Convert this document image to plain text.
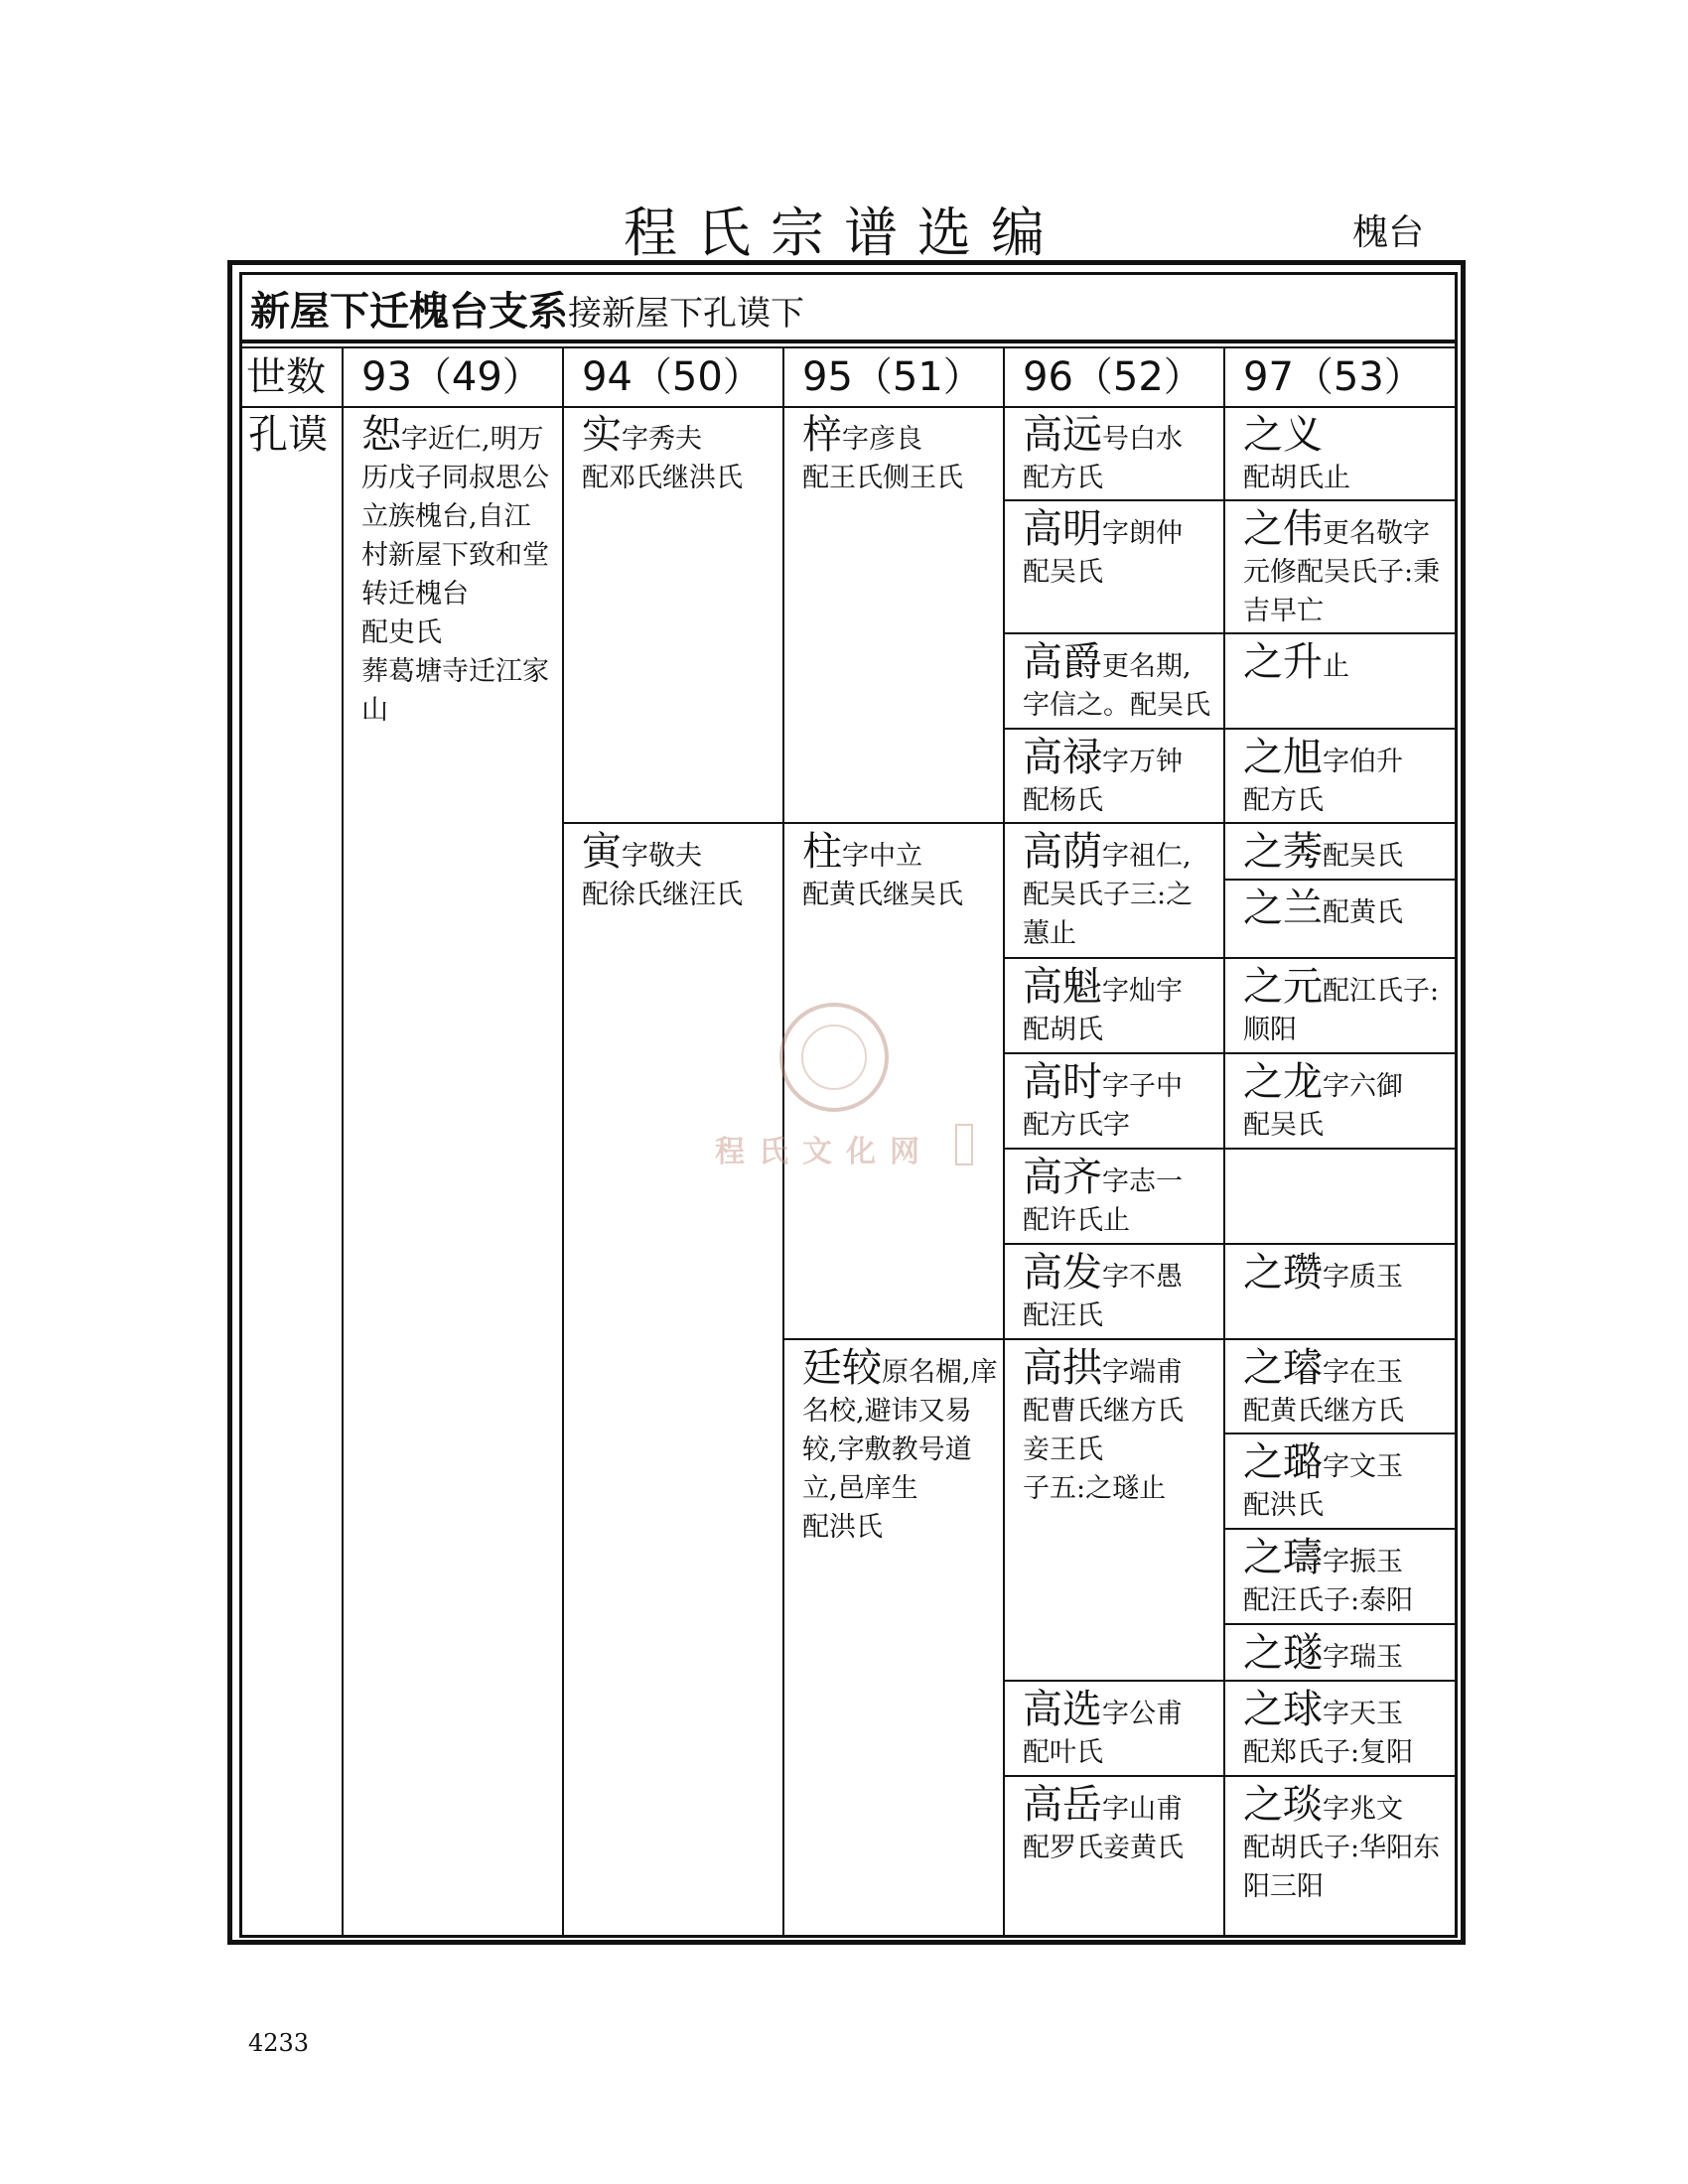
程氏宗谱选编	槐台
新屋下迁槐台支系接新屋下孔谟下
世数 93（49） 94（50） 95（51） 96（52） 97（53）
孔谟 恕字近仁,明万历戊子同叔思公立族槐台,自江村新屋下致和堂转迁槐台
配史氏
葬葛塘寺迁江家山
实字秀夫
配邓氏继洪氏
寅字敬夫
配徐氏继汪氏
梓字彦良
配王氏侧王氏
柱字中立
配黄氏继吴氏
廷较原名楣,庠名校,避讳又易较,字敷教号道立,邑庠生
配洪氏
高远号白水
配方氏
高明字朗仲
配吴氏
高爵更名期,字信之。配吴氏
高禄字万钟
配杨氏
高荫字祖仁,配吴氏子三:之蕙止
高魁字灿宇
配胡氏
高时字子中
配方氏字
高齐字志一
配许氏止
高发字不愚
配汪氏
高拱字端甫
配曹氏继方氏
妾王氏
子五:之璲止
高选字公甫
配叶氏
高岳字山甫
配罗氏妾黄氏
之义
配胡氏止
之伟更名敬字元修配吴氏子:秉吉早亡
之升止
之旭字伯升
配方氏
之莠配吴氏
之兰配黄氏
之元配江氏子:顺阳
之龙字六御
配吴氏
之瓒字质玉
之璿字在玉
配黄氏继方氏
之璐字文玉
配洪氏
之璹字振玉
配汪氏子:泰阳
之璲字瑞玉
之球字天玉
配郑氏子:复阳
之琰字兆文
配胡氏子:华阳东阳三阳
程氏文化网
4233
